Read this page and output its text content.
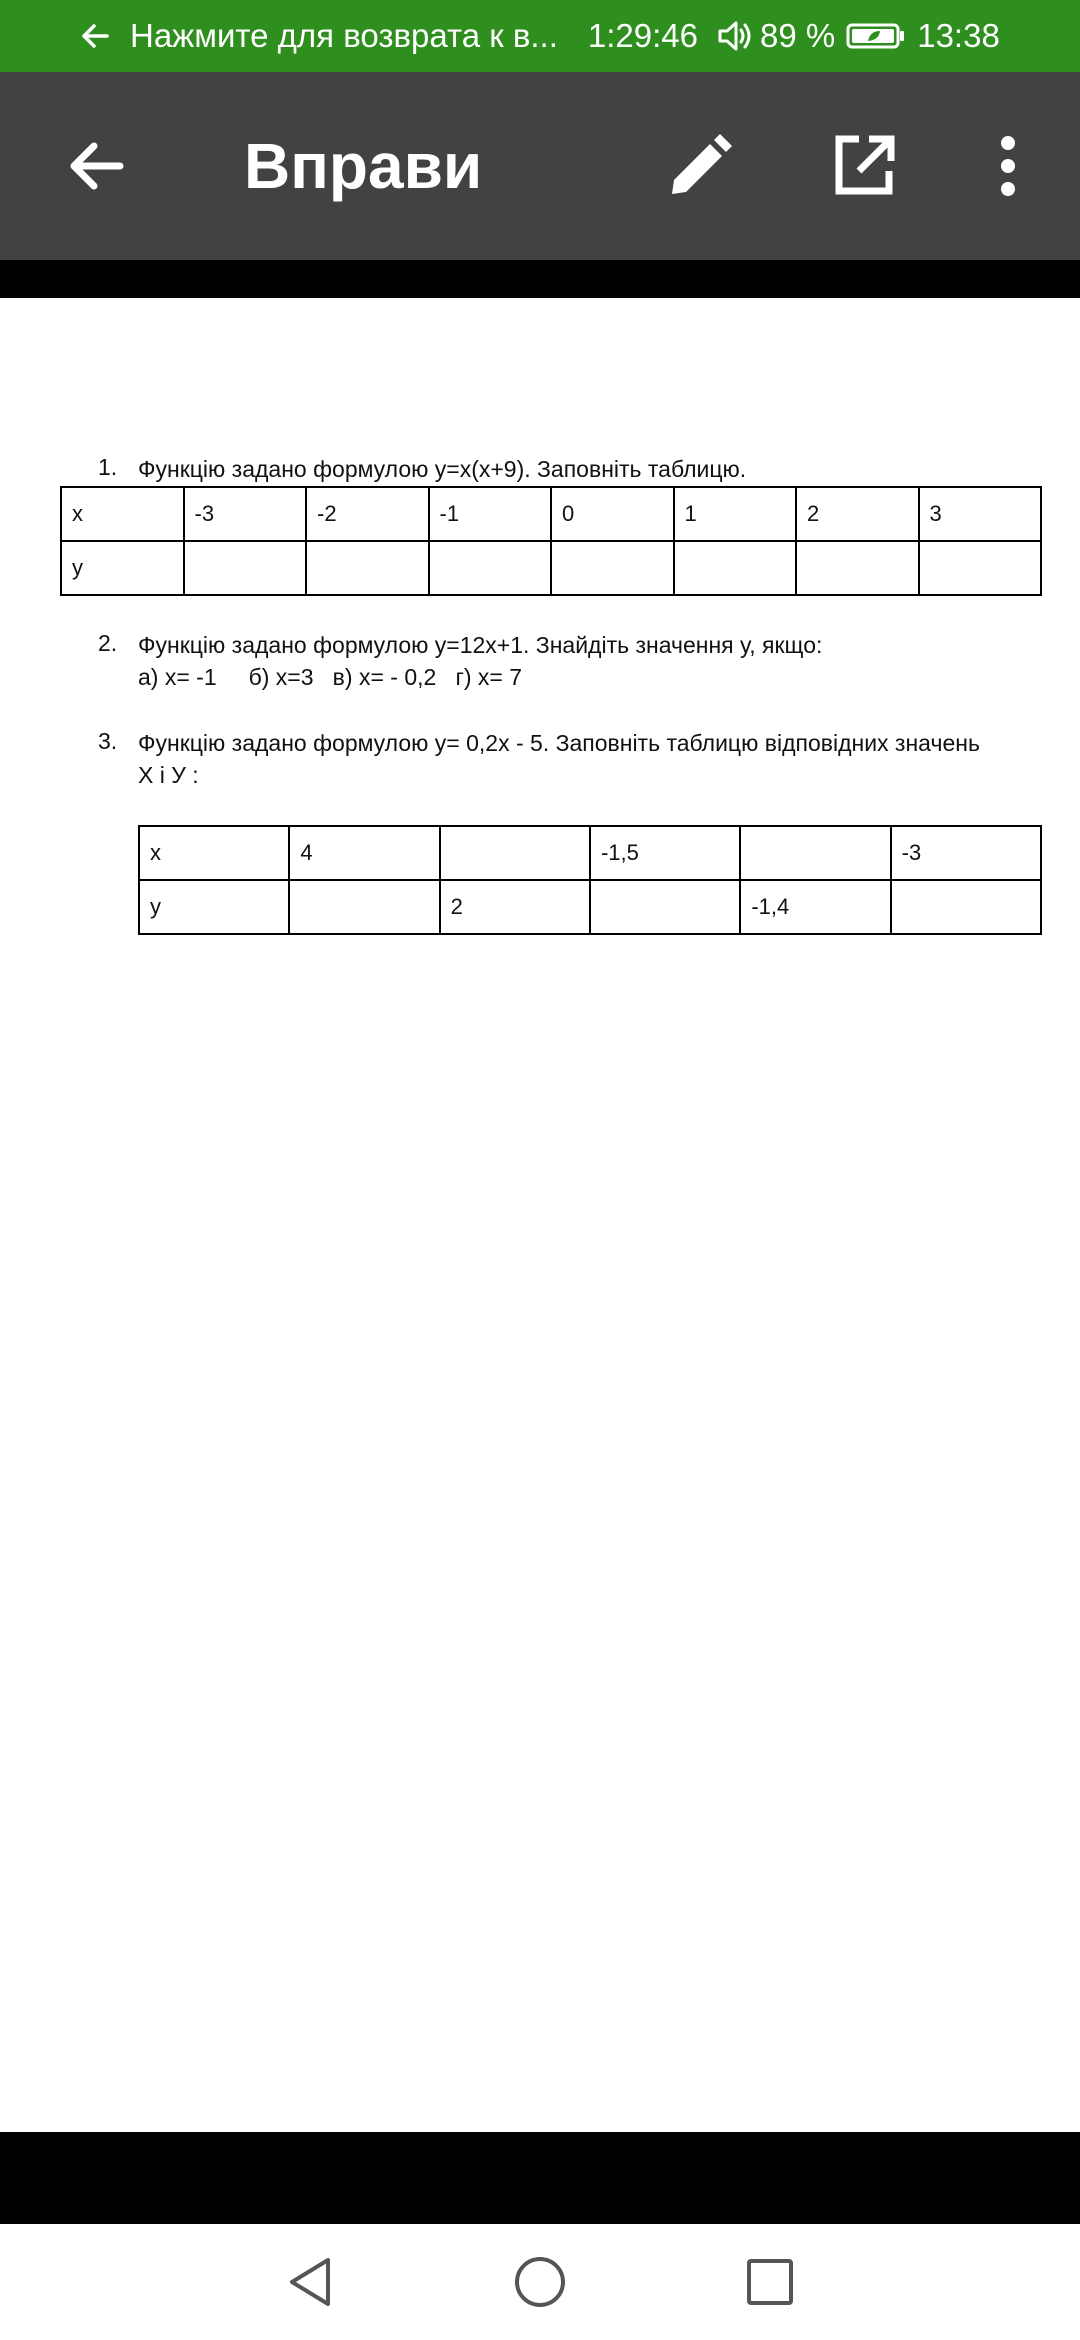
Нажмите для возврата к в... 1:29:46 89 % 13:38
Вправи
1. Функцію задано формулою y=x(x+9). Заповніть таблицю.
x	-3	-2	-1	0	1	2	3
y							
2. Функцію задано формулою y=12x+1. Знайдіть значення у, якщо:
а) х= -1     б) х=3   в) х= - 0,2   г) х= 7
3. Функцію задано формулою y= 0,2x - 5. Заповніть таблицю відповідних значень
Х і У :
x	4		-1,5		-3
y		2		-1,4	
